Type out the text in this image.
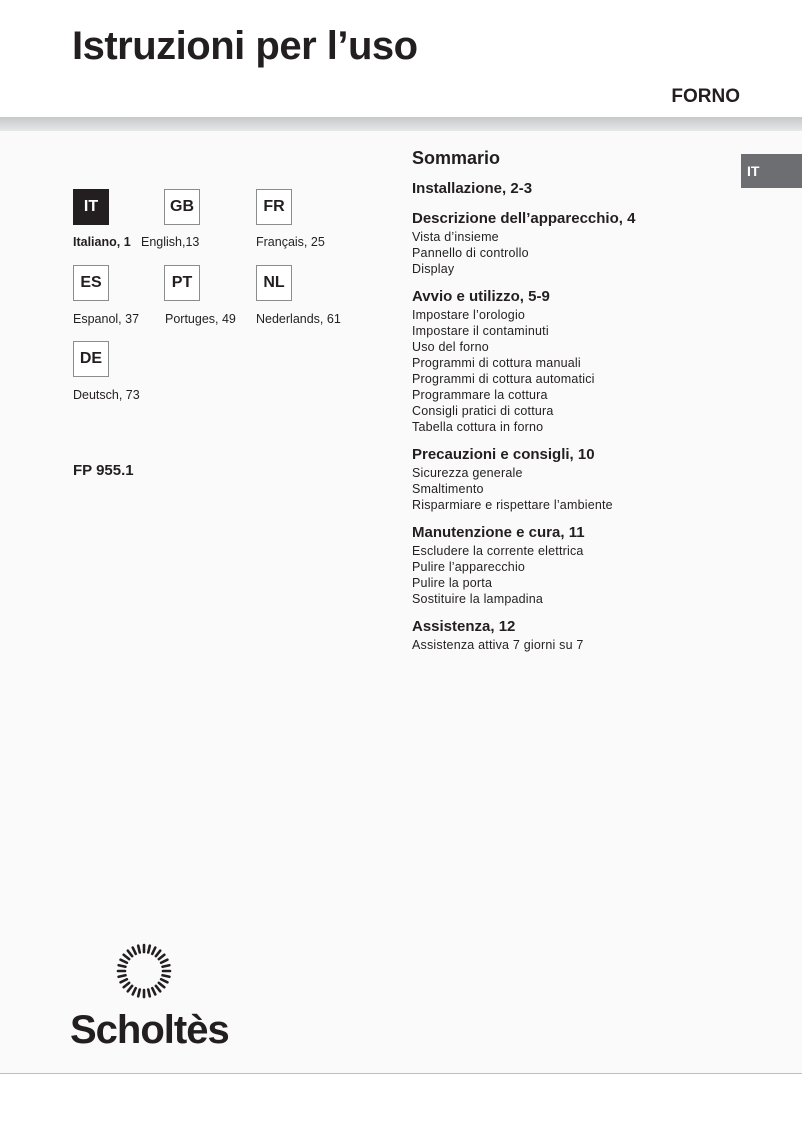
Istruzioni per l’uso
FORNO
IT
IT
Italiano, 1
GB
English,13
FR
Français, 25
ES
Espanol, 37
PT
Portuges, 49
NL
Nederlands, 61
DE
Deutsch, 73
FP 955.1
Sommario
Installazione, 2-3
Descrizione dell’apparecchio, 4
Vista d’insieme
Pannello di controllo
Display
Avvio e utilizzo, 5-9
Impostare l’orologio
Impostare il contaminuti
Uso del forno
Programmi di cottura manuali
Programmi di cottura automatici
Programmare la cottura
Consigli pratici di cottura
Tabella cottura in forno
Precauzioni e consigli, 10
Sicurezza generale
Smaltimento
Risparmiare e rispettare l’ambiente
Manutenzione e cura, 11
Escludere la corrente elettrica
Pulire l’apparecchio
Pulire la porta
Sostituire la lampadina
Assistenza, 12
Assistenza attiva 7 giorni su 7
Scholtès
